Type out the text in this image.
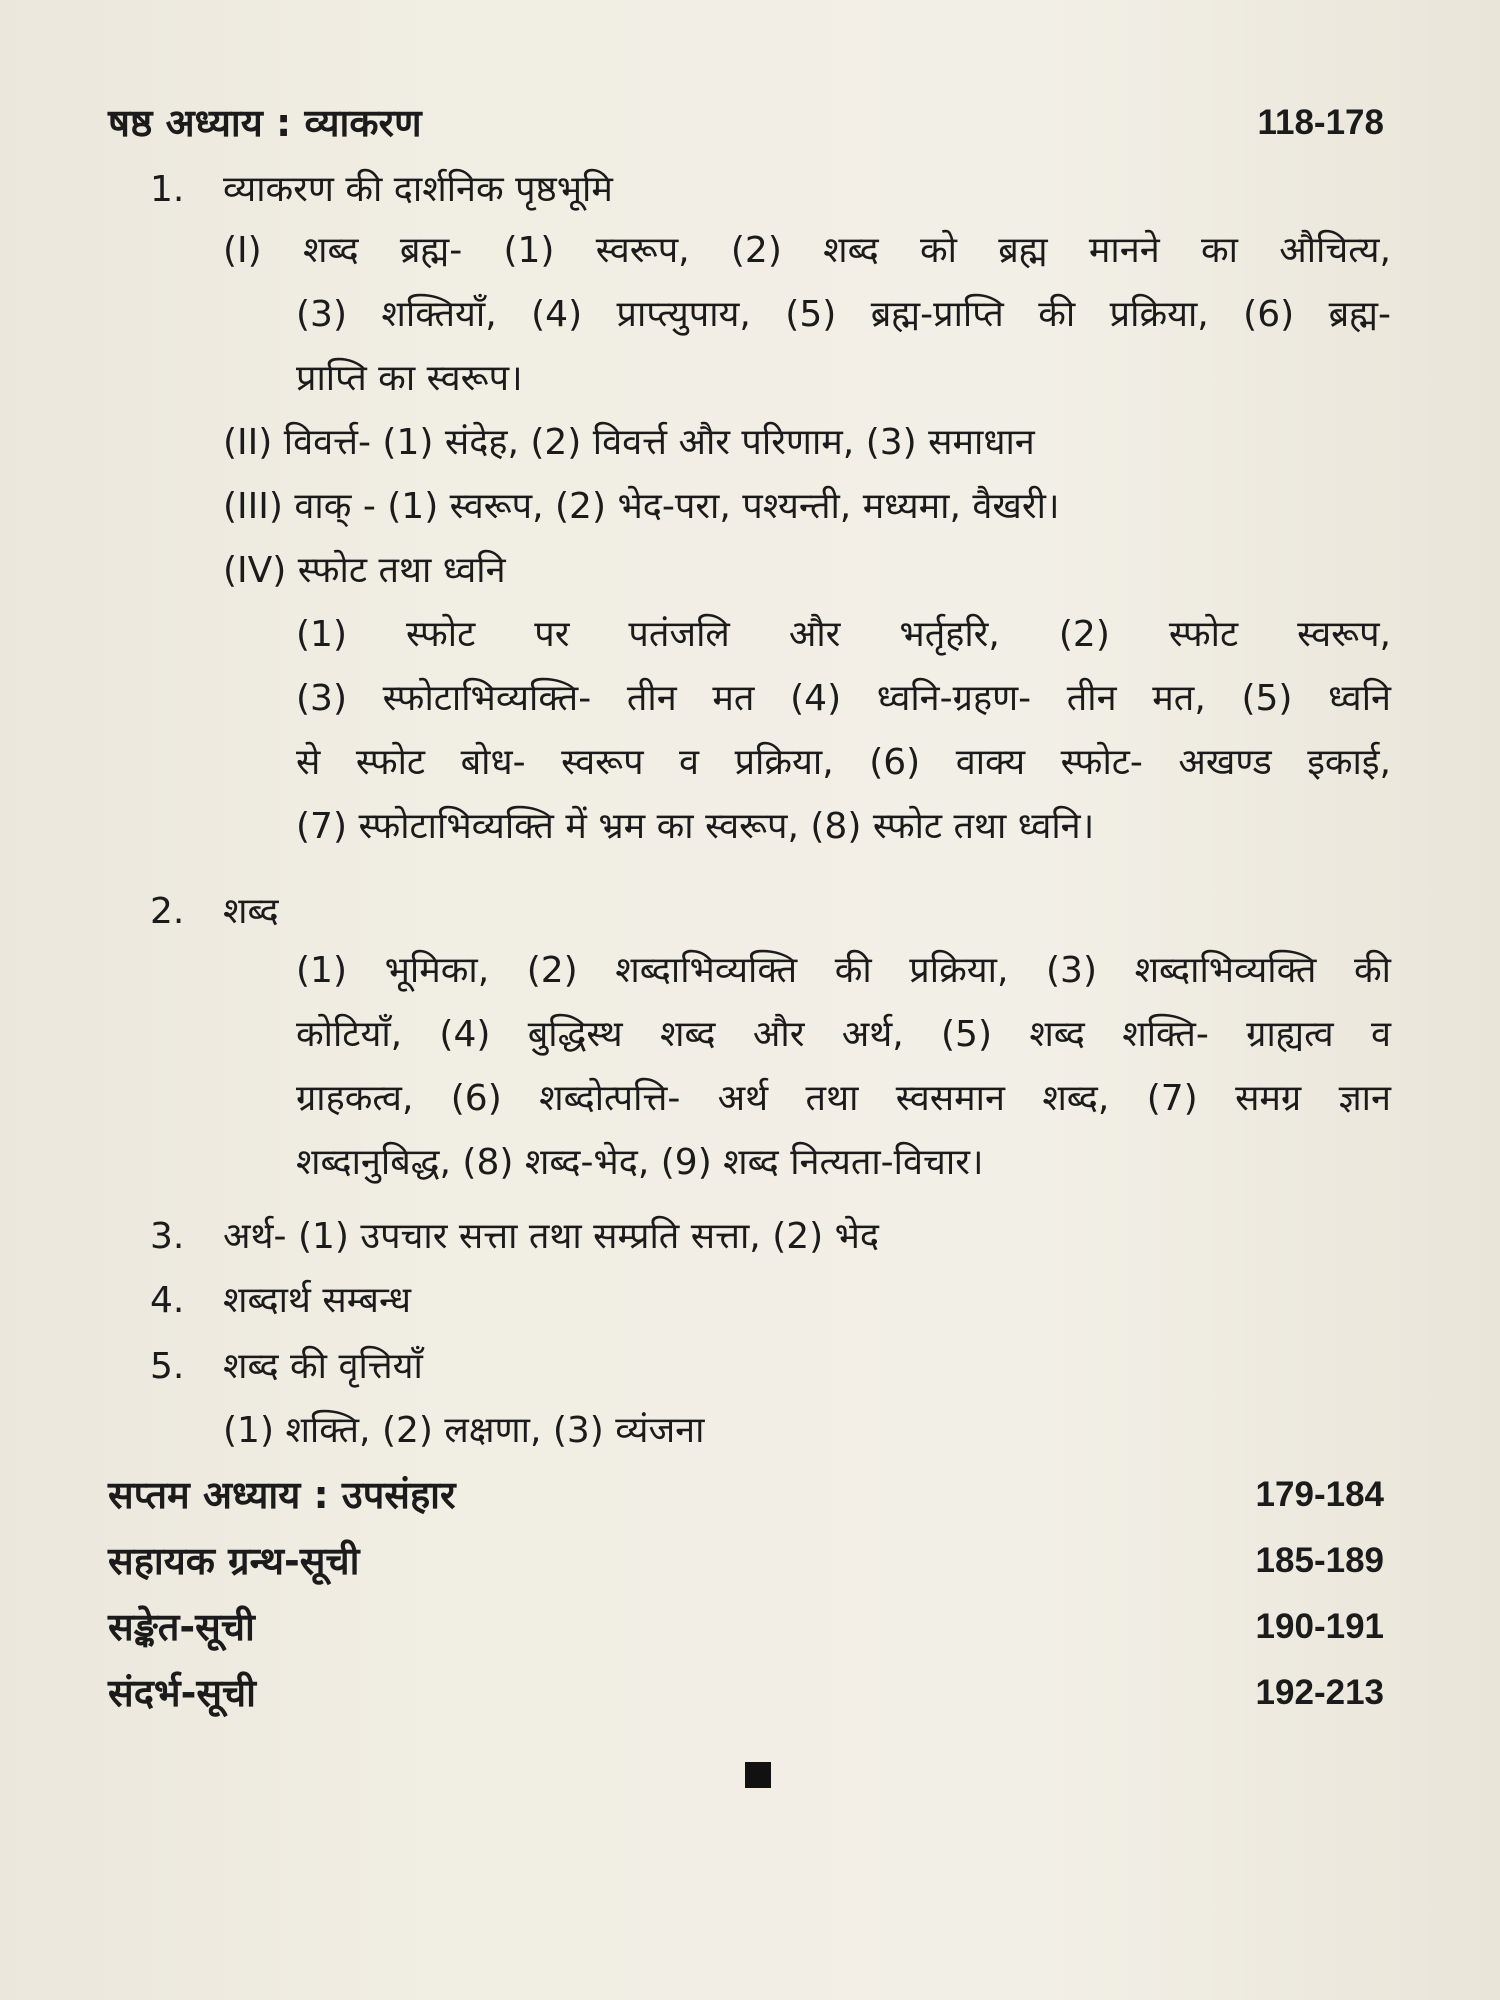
षष्ठ अध्याय : व्याकरण	118-178
1. व्याकरण की दार्शनिक पृष्ठभूमि
(I) शब्द ब्रह्म- (1) स्वरूप, (2) शब्द को ब्रह्म मानने का औचित्य,
(3) शक्तियाँ, (4) प्राप्त्युपाय, (5) ब्रह्म-प्राप्ति की प्रक्रिया, (6) ब्रह्म-
प्राप्ति का स्वरूप।
(II) विवर्त्त- (1) संदेह, (2) विवर्त्त और परिणाम, (3) समाधान
(III) वाक् - (1) स्वरूप, (2) भेद-परा, पश्यन्ती, मध्यमा, वैखरी।
(IV) स्फोट तथा ध्वनि
(1) स्फोट पर पतंजलि और भर्तृहरि, (2) स्फोट स्वरूप,
(3) स्फोटाभिव्यक्ति- तीन मत (4) ध्वनि-ग्रहण- तीन मत, (5) ध्वनि
से स्फोट बोध- स्वरूप व प्रक्रिया, (6) वाक्य स्फोट- अखण्ड इकाई,
(7) स्फोटाभिव्यक्ति में भ्रम का स्वरूप, (8) स्फोट तथा ध्वनि।
2. शब्द
(1) भूमिका, (2) शब्दाभिव्यक्ति की प्रक्रिया, (3) शब्दाभिव्यक्ति की
कोटियाँ, (4) बुद्धिस्थ शब्द और अर्थ, (5) शब्द शक्ति- ग्राह्यत्व व
ग्राहकत्व, (6) शब्दोत्पत्ति- अर्थ तथा स्वसमान शब्द, (7) समग्र ज्ञान
शब्दानुबिद्ध, (8) शब्द-भेद, (9) शब्द नित्यता-विचार।
3. अर्थ- (1) उपचार सत्ता तथा सम्प्रति सत्ता, (2) भेद
4. शब्दार्थ सम्बन्ध
5. शब्द की वृत्तियाँ
(1) शक्ति, (2) लक्षणा, (3) व्यंजना
सप्तम अध्याय : उपसंहार	179-184
सहायक ग्रन्थ-सूची	185-189
सङ्केत-सूची	190-191
संदर्भ-सूची	192-213
